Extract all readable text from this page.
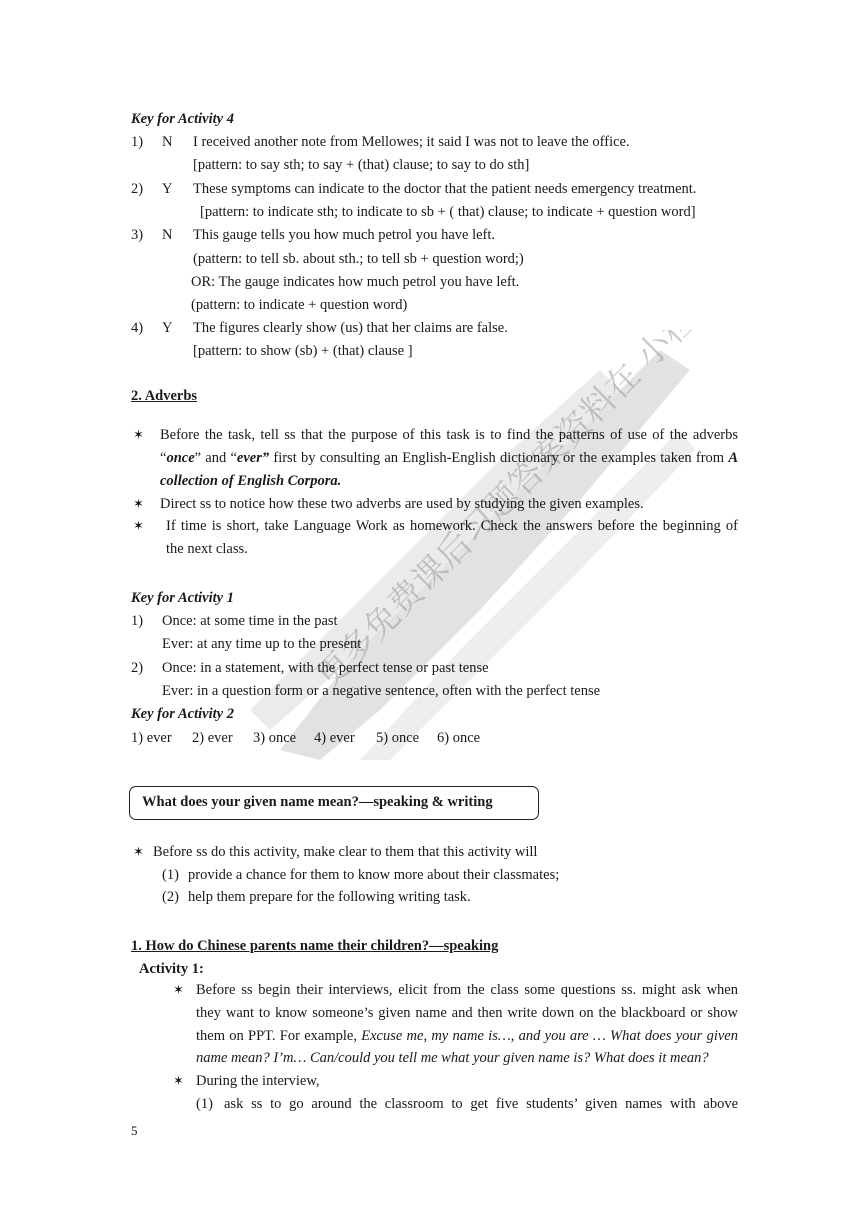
更多免费课后习题答案资料在
Key for Activity 4
1) N I received another note from Mellowes; it said I was not to leave the office.
[pattern: to say sth; to say + (that) clause; to say to do sth]
2) Y These symptoms can indicate to the doctor that the patient needs emergency treatment.
[pattern: to indicate sth; to indicate to sb + ( that) clause; to indicate + question word]
3) N This gauge tells you how much petrol you have left.
(pattern: to tell sb. about sth.; to tell sb + question word;)
OR: The gauge indicates how much petrol you have left.
(pattern: to indicate + question word)
4) Y The figures clearly show (us) that her claims are false.
[pattern: to show (sb) + (that) clause ]
2. Adverbs
✶ Before the task, tell ss that the purpose of this task is to find the patterns of use of the adverbs
“once” and “ever” first by consulting an English-English dictionary or the examples taken from A
collection of English Corpora.
✶ Direct ss to notice how these two adverbs are used by studying the given examples.
✶ If time is short, take Language Work as homework. Check the answers before the beginning of
the next class.
Key for Activity 1
1) Once: at some time in the past
Ever: at any time up to the present
2) Once: in a statement, with the perfect tense or past tense
Ever: in a question form or a negative sentence, often with the perfect tense
Key for Activity 2
1) ever 2) ever 3) once 4) ever 5) once 6) once
What does your given name mean?—speaking & writing
✶ Before ss do this activity, make clear to them that this activity will
(1) provide a chance for them to know more about their classmates;
(2) help them prepare for the following writing task.
1. How do Chinese parents name their children?—speaking
Activity 1:
✶ Before ss begin their interviews, elicit from the class some questions ss. might ask when
they want to know someone’s given name and then write down on the blackboard or show
them on PPT. For example, Excuse me, my name is…, and you are … What does your given
name mean? I’m… Can/could you tell me what your given name is? What does it mean?
✶ During the interview,
(1) ask ss to go around the classroom to get five students’ given names with above
5
